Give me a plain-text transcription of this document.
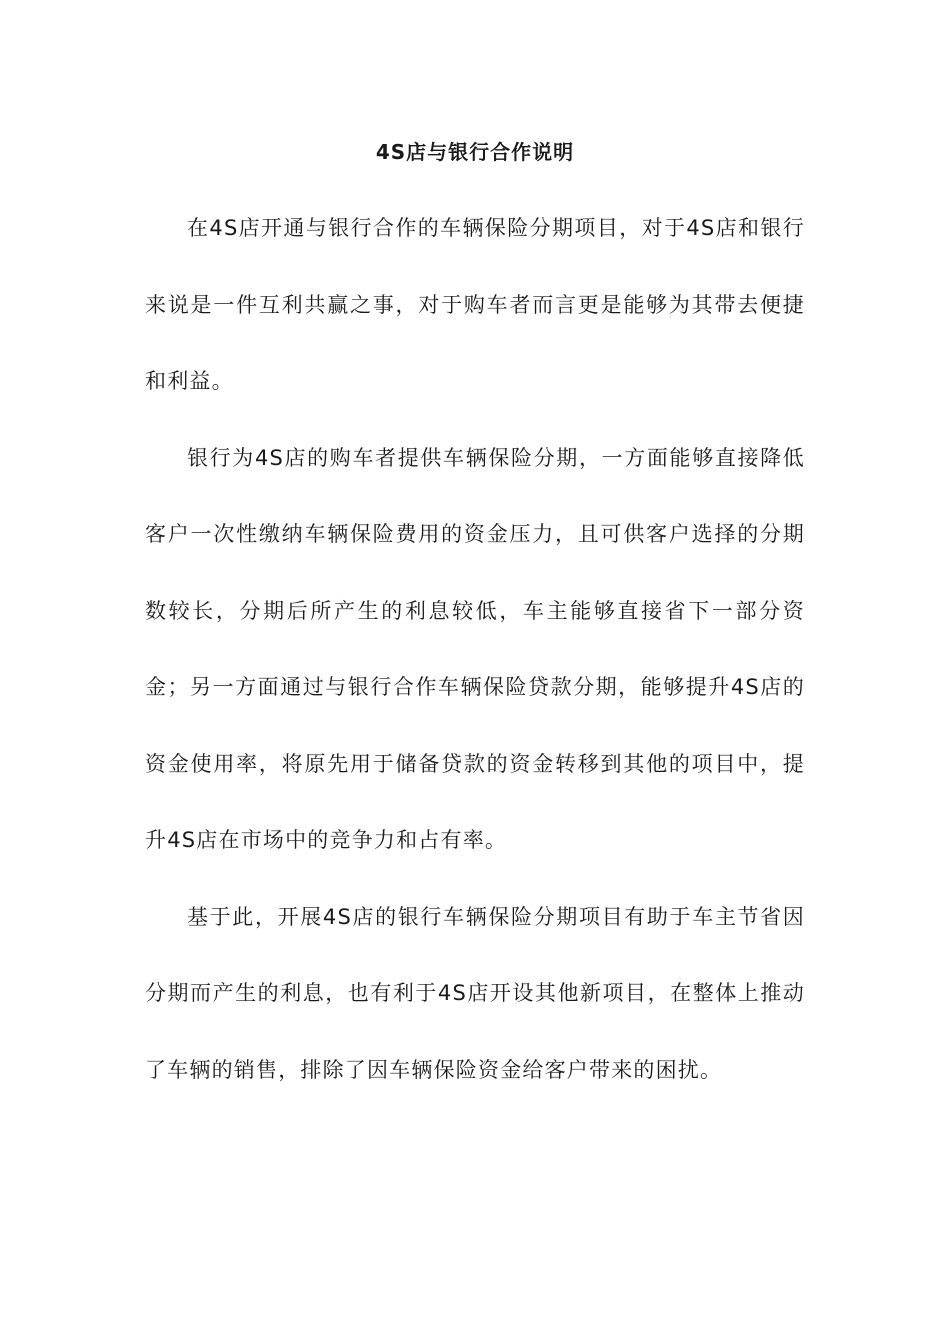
4S店与银行合作说明

在4S店开通与银行合作的车辆保险分期项目，对于4S店和银行来说是一件互利共赢之事，对于购车者而言更是能够为其带去便捷和利益。

银行为4S店的购车者提供车辆保险分期，一方面能够直接降低客户一次性缴纳车辆保险费用的资金压力，且可供客户选择的分期数较长，分期后所产生的利息较低，车主能够直接省下一部分资金；另一方面通过与银行合作车辆保险贷款分期，能够提升4S店的资金使用率，将原先用于储备贷款的资金转移到其他的项目中，提升4S店在市场中的竞争力和占有率。

基于此，开展4S店的银行车辆保险分期项目有助于车主节省因分期而产生的利息，也有利于4S店开设其他新项目，在整体上推动了车辆的销售，排除了因车辆保险资金给客户带来的困扰。
